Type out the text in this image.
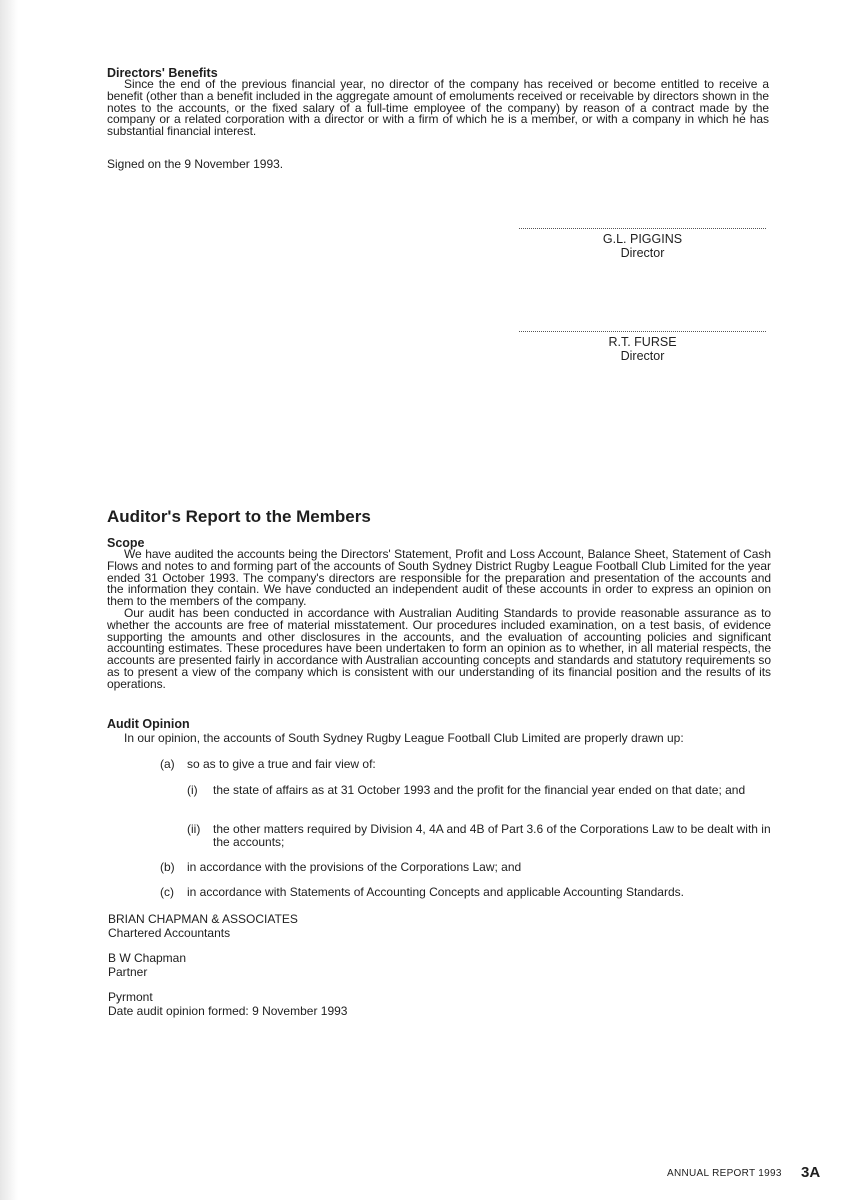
Directors' Benefits

Since the end of the previous financial year, no director of the company has received or become entitled to receive a benefit (other than a benefit included in the aggregate amount of emoluments received or receivable by directors shown in the notes to the accounts, or the fixed salary of a full-time employee of the company) by reason of a contract made by the company or a related corporation with a director or with a firm of which he is a member, or with a company in which he has substantial financial interest.

Signed on the 9 November 1993.
G.L. PIGGINS
Director
R.T. FURSE
Director
Auditor's Report to the Members
Scope

We have audited the accounts being the Directors' Statement, Profit and Loss Account, Balance Sheet, Statement of Cash Flows and notes to and forming part of the accounts of South Sydney District Rugby League Football Club Limited for the year ended 31 October 1993. The company's directors are responsible for the preparation and presentation of the accounts and the information they contain. We have conducted an independent audit of these accounts in order to express an opinion on them to the members of the company.

Our audit has been conducted in accordance with Australian Auditing Standards to provide reasonable assurance as to whether the accounts are free of material misstatement. Our procedures included examination, on a test basis, of evidence supporting the amounts and other disclosures in the accounts, and the evaluation of accounting policies and significant accounting estimates. These procedures have been undertaken to form an opinion as to whether, in all material respects, the accounts are presented fairly in accordance with Australian accounting concepts and standards and statutory requirements so as to present a view of the company which is consistent with our understanding of its financial position and the results of its operations.

Audit Opinion
In our opinion, the accounts of South Sydney Rugby League Football Club Limited are properly drawn up:
(a) so as to give a true and fair view of:
(i) the state of affairs as at 31 October 1993 and the profit for the financial year ended on that date; and
(ii) the other matters required by Division 4, 4A and 4B of Part 3.6 of the Corporations Law to be dealt with in the accounts;
(b) in accordance with the provisions of the Corporations Law; and
(c) in accordance with Statements of Accounting Concepts and applicable Accounting Standards.
BRIAN CHAPMAN & ASSOCIATES
Chartered Accountants
B W Chapman
Partner
Pyrmont
Date audit opinion formed: 9 November 1993
ANNUAL REPORT 1993 3A
